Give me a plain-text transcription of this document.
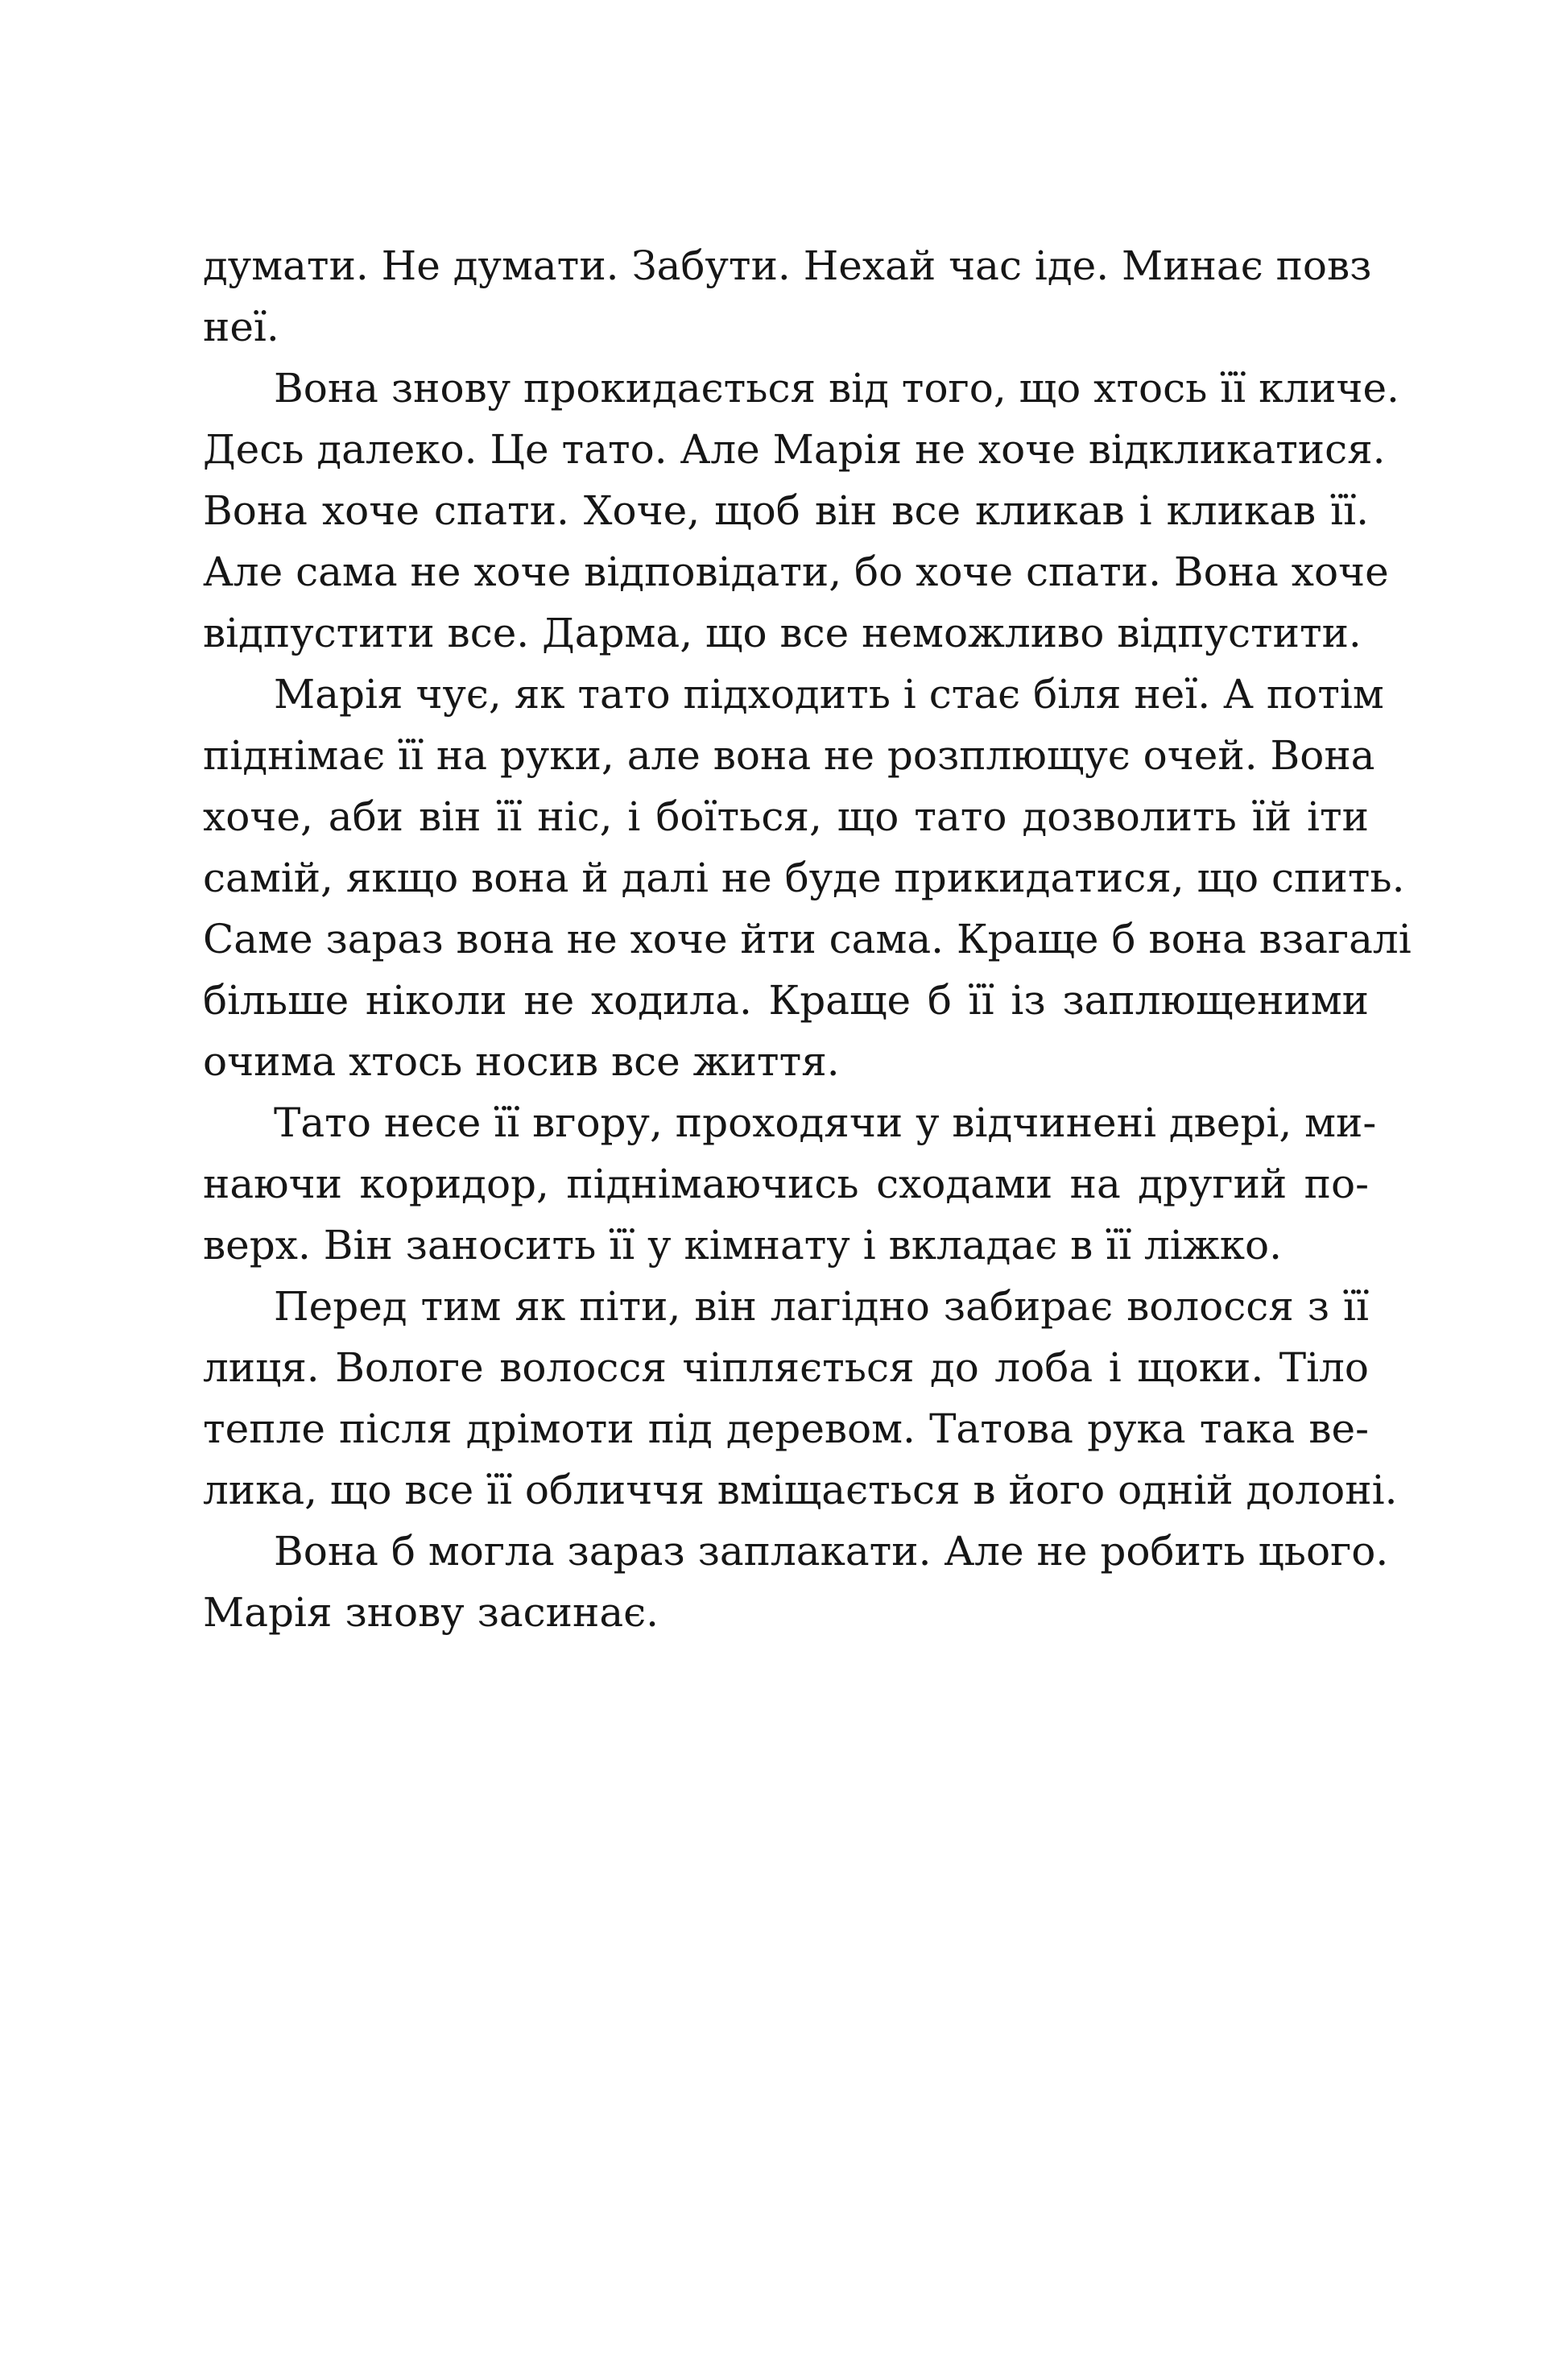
думати. Не думати. Забути. Нехай час іде. Минає повз
неї.
Вона знову прокидається від того, що хтось її кличе.
Десь далеко. Це тато. Але Марія не хоче відкликатися.
Вона хоче спати. Хоче, щоб він все кликав і кликав її.
Але сама не хоче відповідати, бо хоче спати. Вона хоче
відпустити все. Дарма, що все неможливо відпустити.
Марія чує, як тато підходить і стає біля неї. А потім
піднімає її на руки, але вона не розплющує очей. Вона
хоче, аби він її ніс, і боїться, що тато дозволить їй іти
самій, якщо вона й далі не буде прикидатися, що спить.
Саме зараз вона не хоче йти сама. Краще б вона взагалі
більше ніколи не ходила. Краще б її із заплющеними
очима хтось носив все життя.
Тато несе її вгору, проходячи у відчинені двері, ми-
наючи коридор, піднімаючись сходами на другий по-
верх. Він заносить її у кімнату і вкладає в її ліжко.
Перед тим як піти, він лагідно забирає волосся з її
лиця. Вологе волосся чіпляється до лоба і щоки. Тіло
тепле після дрімоти під деревом. Татова рука така ве-
лика, що все її обличчя вміщається в його одній долоні.
Вона б могла зараз заплакати. Але не робить цього.
Марія знову засинає.
